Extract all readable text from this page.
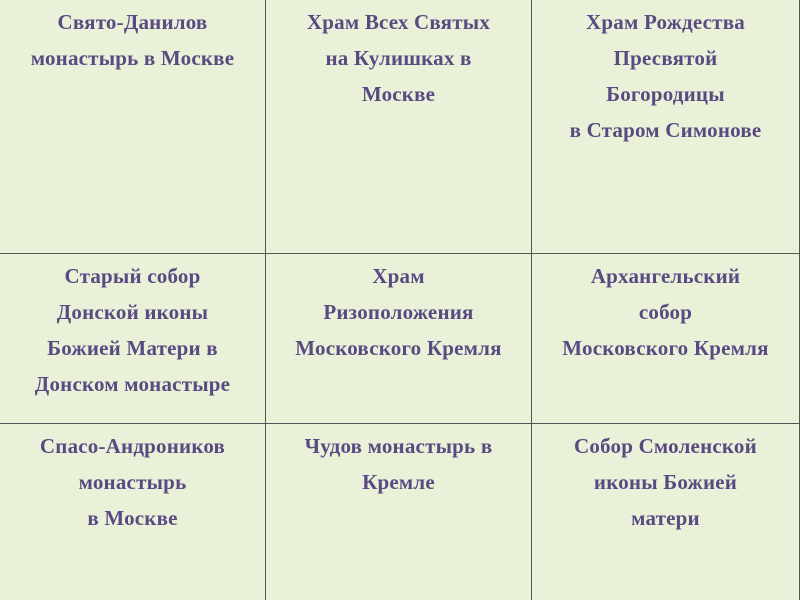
Свято-Данилов
монастырь в Москве
Храм Всех Святых
на Кулишках в
Москве
Храм Рождества
Пресвятой
Богородицы
в Старом Симонове
Старый собор
Донской иконы
Божией Матери в
Донском монастыре
Храм
Ризоположения
Московского Кремля
Архангельский
собор
Московского Кремля
Спасо-Андроников
монастырь
в Москве
Чудов монастырь в
Кремле
Собор Смоленской
иконы Божией
матери
